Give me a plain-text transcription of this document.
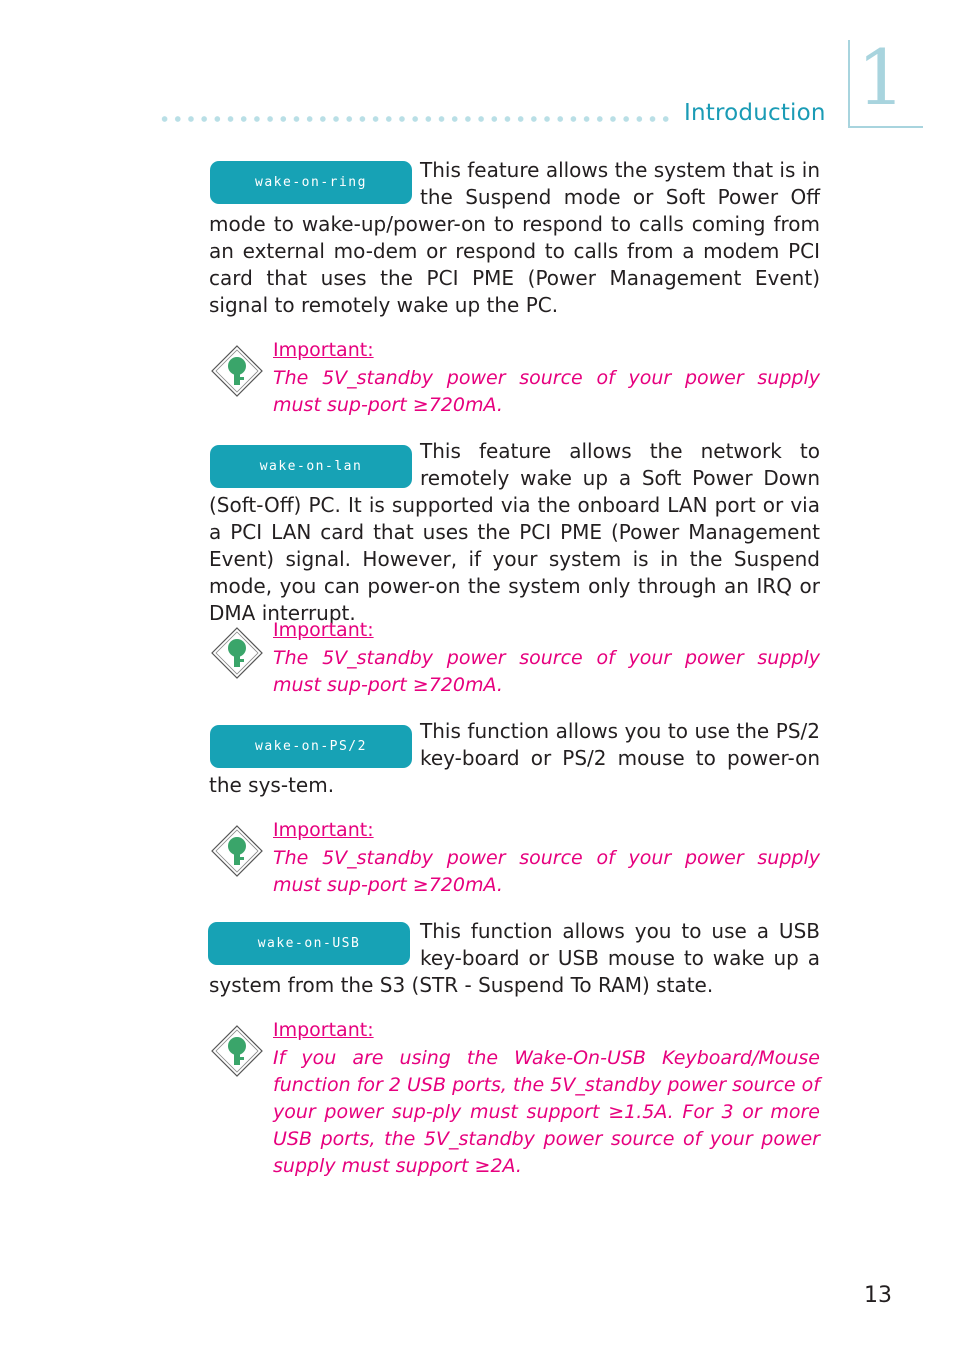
Introduction 1
wake-on-ring

This feature allows the system that is in the Suspend mode or Soft Power Off mode to wake-up/power-on to respond to calls coming from an external mo-dem or respond to calls from a modem PCI card that uses the PCI PME (Power Management Event) signal to remotely wake up the PC.

Important:

The 5V_standby power source of your power supply must sup-port ≥720mA.

wake-on-lan

This feature allows the network to remotely wake up a Soft Power Down (Soft-Off) PC. It is supported via the onboard LAN port or via a PCI LAN card that uses the PCI PME (Power Management Event) signal. However, if your system is in the Suspend mode, you can power-on the system only through an IRQ or DMA interrupt.

Important:

The 5V_standby power source of your power supply must sup-port ≥720mA.

wake-on-PS/2

This function allows you to use the PS/2 key-board or PS/2 mouse to power-on the sys-tem.

Important:

The 5V_standby power source of your power supply must sup-port ≥720mA.

wake-on-USB

This function allows you to use a USB key-board or USB mouse to wake up a system from the S3 (STR - Suspend To RAM) state.

Important:

If you are using the Wake-On-USB Keyboard/Mouse function for 2 USB ports, the 5V_standby power source of your power sup-ply must support ≥1.5A. For 3 or more USB ports, the 5V_standby power source of your power supply must support ≥2A.

13
